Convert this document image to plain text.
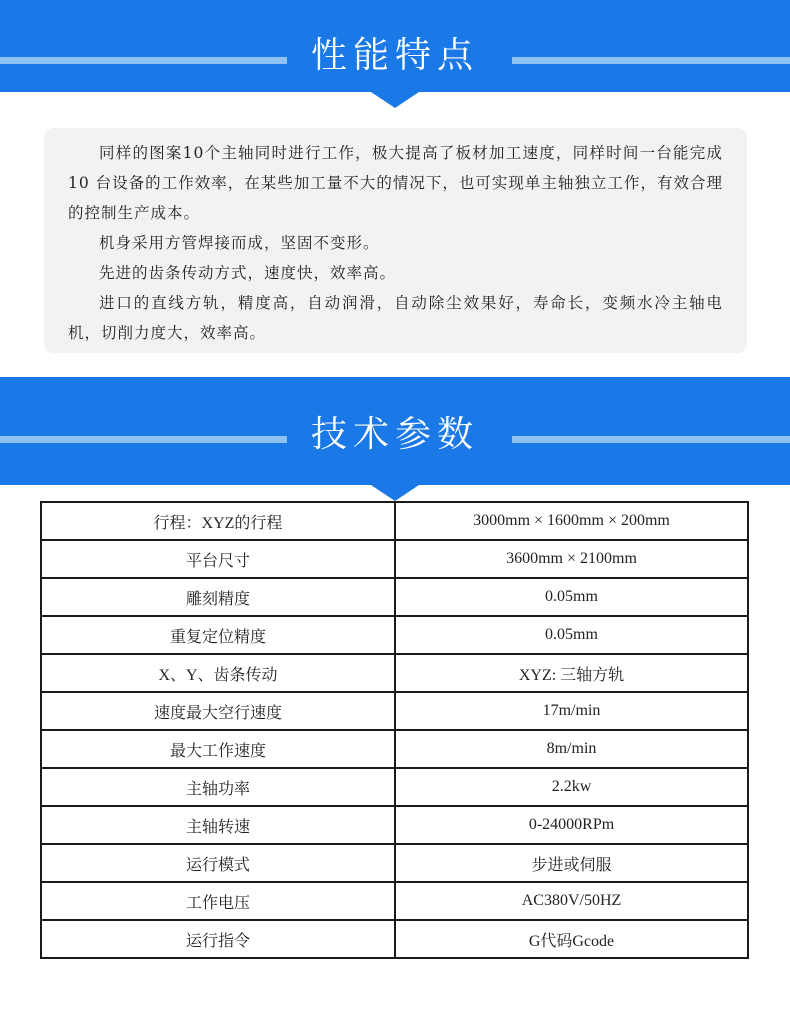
性能特点

同样的图案10个主轴同时进行工作，极大提高了板材加工速度，同样时间一台能完成 10 台设备的工作效率，在某些加工量不大的情况下，也可实现单主轴独立工作，有效合理的控制生产成本。

机身采用方管焊接而成，坚固不变形。

先进的齿条传动方式，速度快，效率高。

进口的直线方轨，精度高，自动润滑，自动除尘效果好，寿命长，变频水冷主轴电机，切削力度大，效率高。

技术参数
行程：XYZ的行程	3000mm × 1600mm × 200mm
平台尺寸	3600mm × 2100mm
雕刻精度	0.05mm
重复定位精度	0.05mm
X、Y、齿条传动	XYZ: 三轴方轨
速度最大空行速度	17m/min
最大工作速度	8m/min
主轴功率	2.2kw
主轴转速	0-24000RPm
运行模式	步进或伺服
工作电压	AC380V/50HZ
运行指令	G代码Gcode
